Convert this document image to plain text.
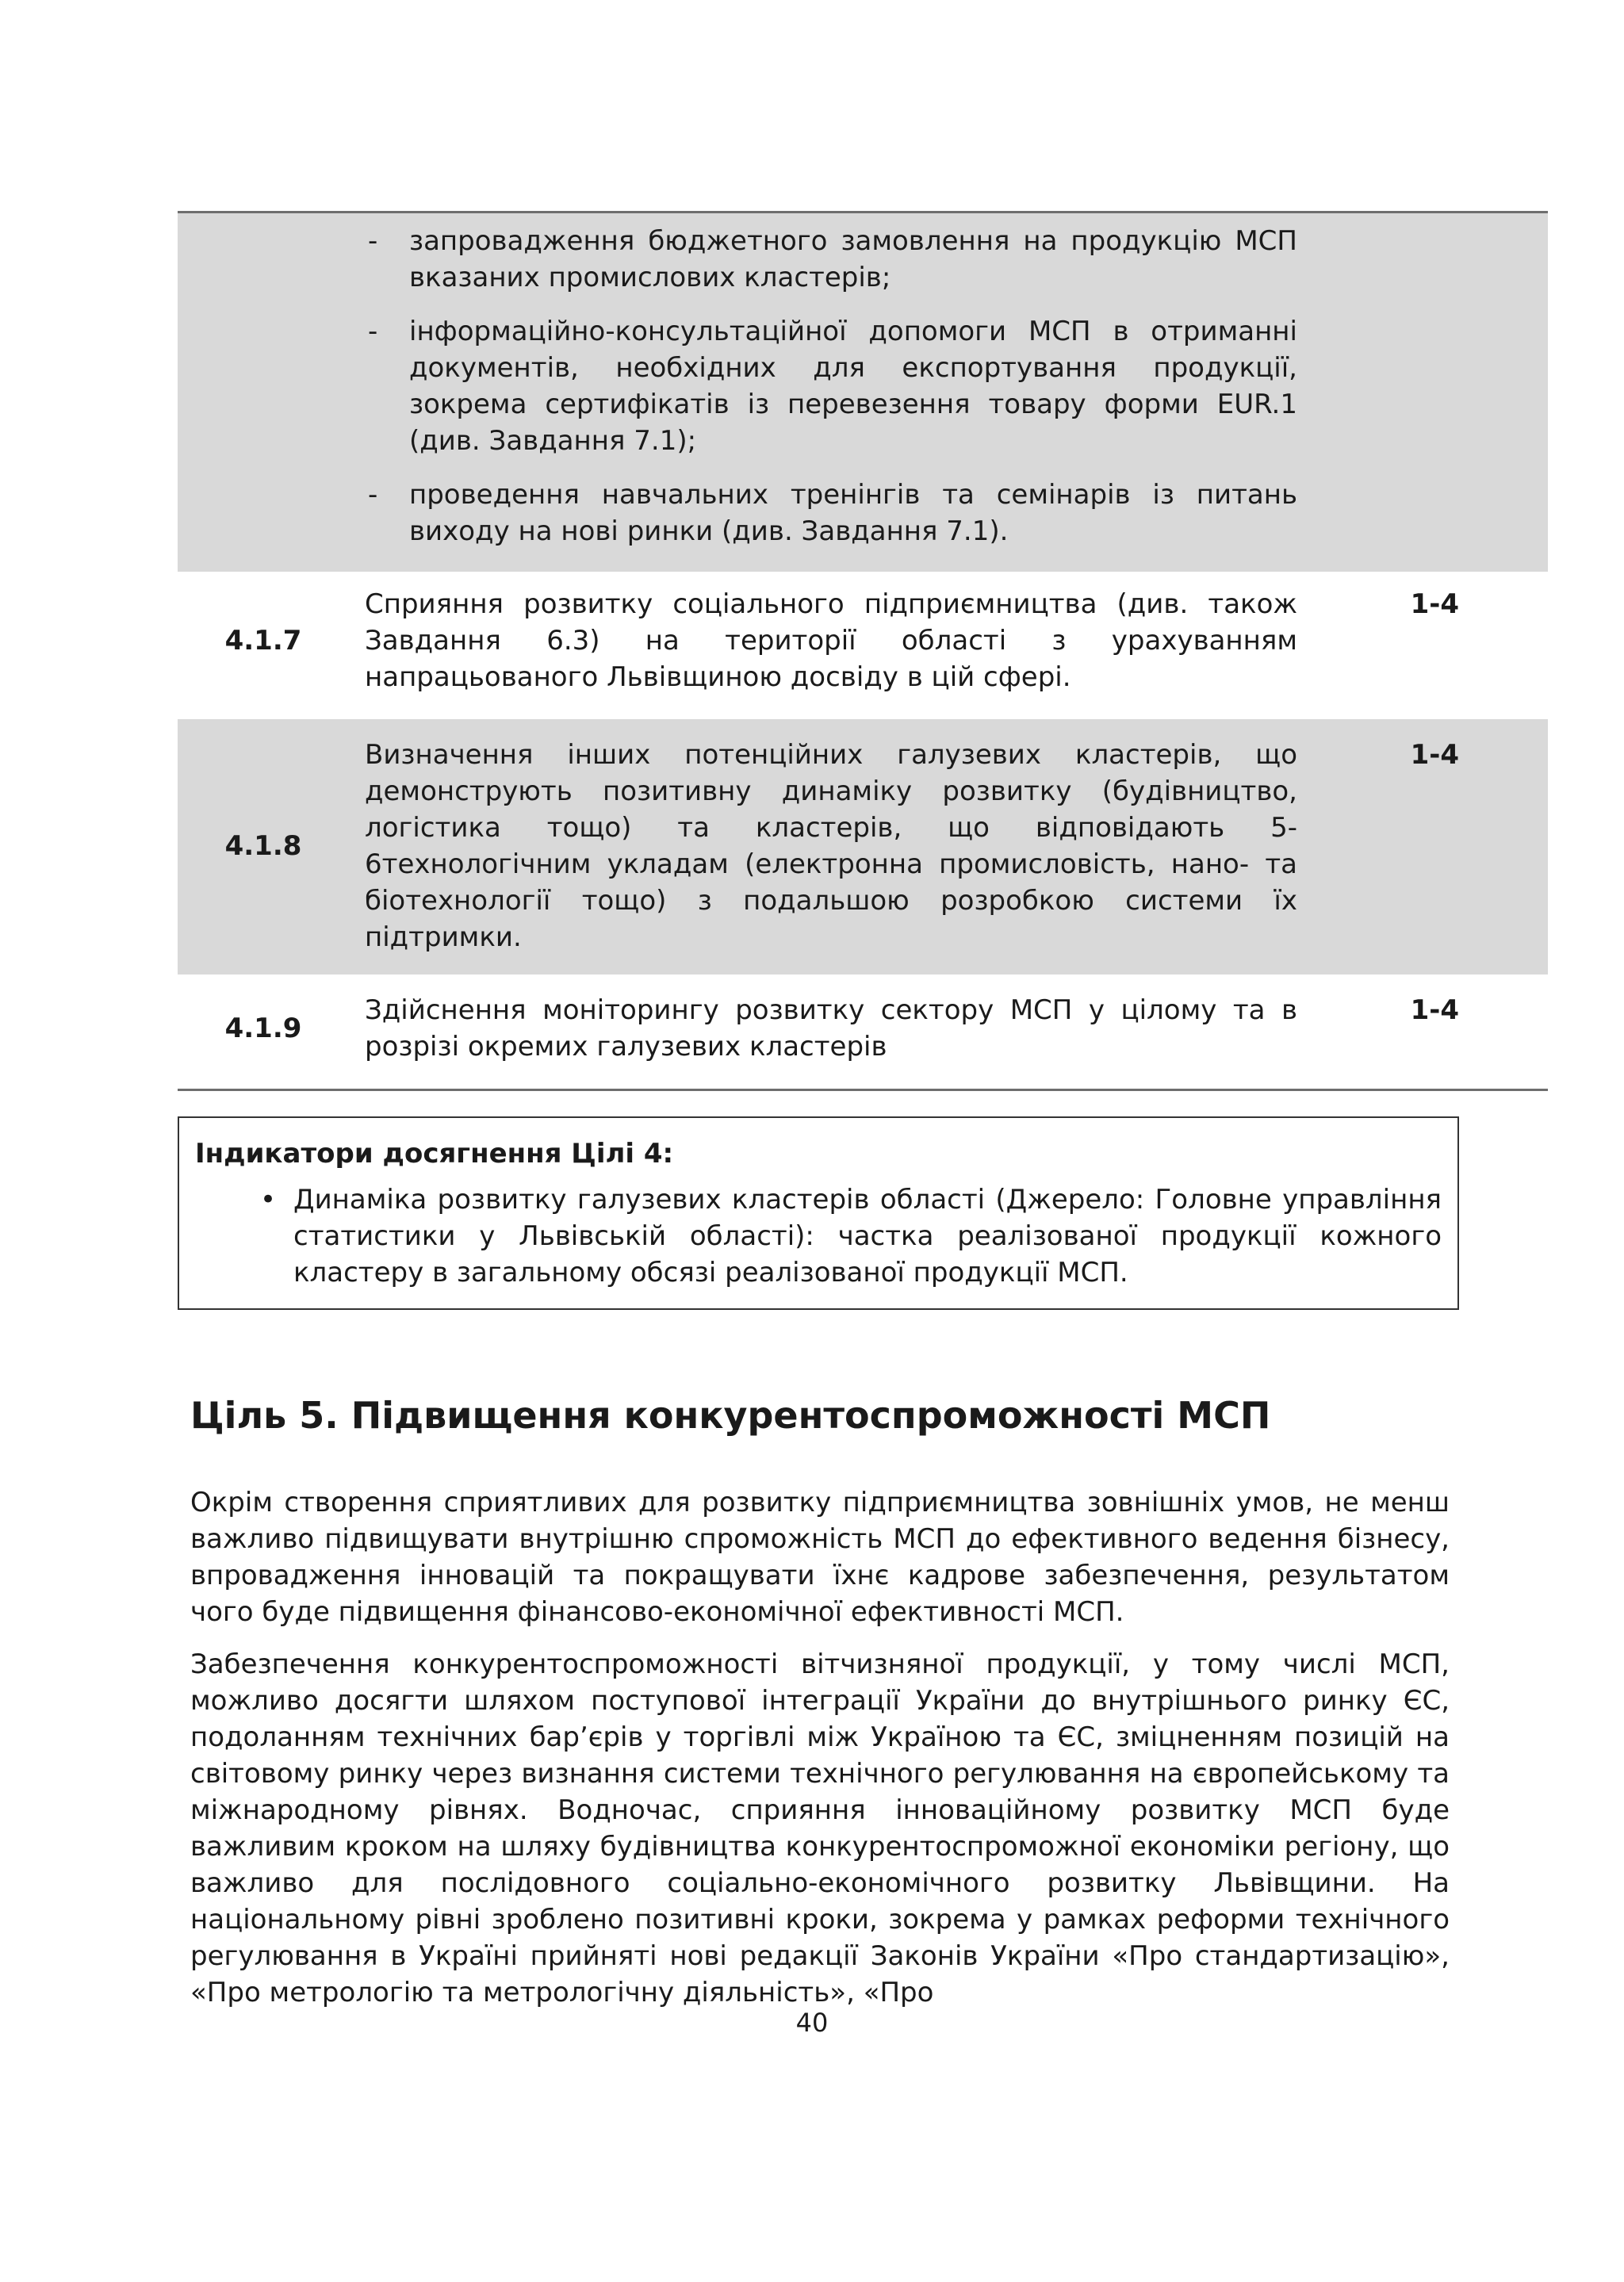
- запровадження бюджетного замовлення на продукцію МСП вказаних промислових кластерів;
- інформаційно-консультаційної допомоги МСП в отриманні документів, необхідних для експортування продукції, зокрема сертифікатів із перевезення товару форми EUR.1 (див. Завдання 7.1);
- проведення навчальних тренінгів та семінарів із питань виходу на нові ринки (див. Завдання 7.1).
4.1.7
Сприяння розвитку соціального підприємництва (див. також Завдання 6.3) на території області з урахуванням напрацьованого Львівщиною досвіду в цій сфері.
1-4
4.1.8
Визначення інших потенційних галузевих кластерів, що демонструють позитивну динаміку розвитку (будівництво, логістика тощо) та кластерів, що відповідають 5-6технологічним укладам (електронна промисловість, нано- та біотехнології тощо) з подальшою розробкою системи їх підтримки.
1-4
4.1.9
Здійснення моніторингу розвитку сектору МСП у цілому та в розрізі окремих галузевих кластерів
1-4
Індикатори досягнення Цілі 4:
• Динаміка розвитку галузевих кластерів області (Джерело: Головне управління статистики у Львівській області): частка реалізованої продукції кожного кластеру в загальному обсязі реалізованої продукції МСП.
Ціль 5. Підвищення конкурентоспроможності МСП

Окрім створення сприятливих для розвитку підприємництва зовнішніх умов, не менш важливо підвищувати внутрішню спроможність МСП до ефективного ведення бізнесу, впровадження інновацій та покращувати їхнє кадрове забезпечення, результатом чого буде підвищення фінансово-економічної ефективності МСП.

Забезпечення конкурентоспроможності вітчизняної продукції, у тому числі МСП, можливо досягти шляхом поступової інтеграції України до внутрішнього ринку ЄС, подоланням технічних бар’єрів у торгівлі між Україною та ЄС, зміцненням позицій на світовому ринку через визнання системи технічного регулювання на європейському та міжнародному рівнях. Водночас, сприяння інноваційному розвитку МСП буде важливим кроком на шляху будівництва конкурентоспроможної економіки регіону, що важливо для послідовного соціально-економічного розвитку Львівщини. На національному рівні зроблено позитивні кроки, зокрема у рамках реформи технічного регулювання в Україні прийняті нові редакції Законів України «Про стандартизацію», «Про метрологію та метрологічну діяльність», «Про

40
